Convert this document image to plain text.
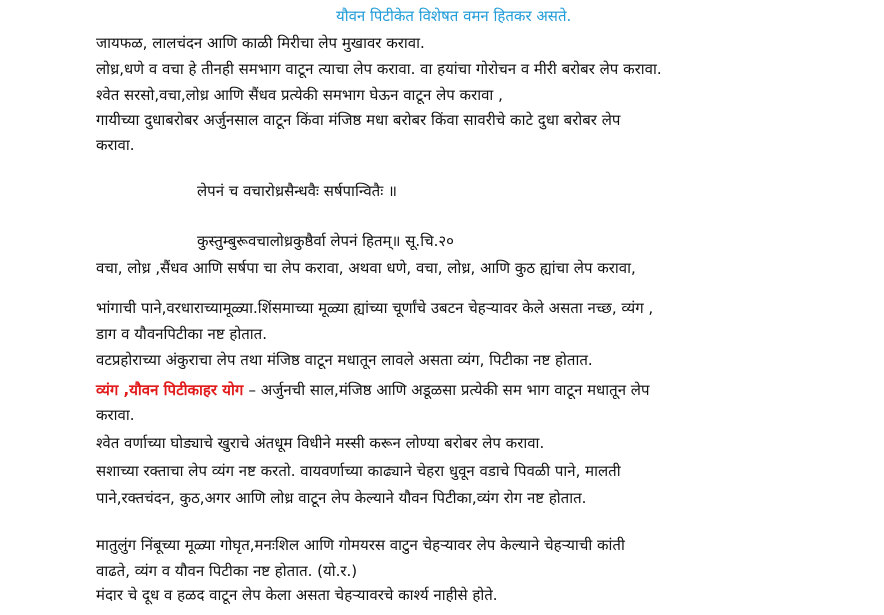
यौवन पिटीकेत विशेषत वमन हितकर असते.
जायफळ, लालचंदन आणि काळी मिरीचा लेप मुखावर करावा.
लोध्र,धणे व वचा हे तीनही समभाग वाटून त्याचा लेप करावा. वा हयांचा गोरोचन व मीरी बरोबर लेप करावा.
श्वेत सरसो,वचा,लोध्र आणि सैंधव प्रत्येकी समभाग घेऊन वाटून लेप करावा ,
गायीच्या दुधाबरोबर अर्जुनसाल वाटून किंवा मंजिष्ठ मधा बरोबर किंवा सावरीचे काटे दुधा बरोबर लेप
करावा.
लेपनं च वचारोध्रसैन्धवैः सर्षपान्वितैः ॥
कुस्तुम्बुरूवचालोध्रकुष्ठैर्वा लेपनं हितम्॥ सू.चि.२०
वचा, लोध्र ,सैंधव आणि सर्षपा चा लेप करावा, अथवा धणे, वचा, लोध्र, आणि कुठ ह्यांचा लेप करावा,
भांगाची पाने,वरधाराच्यामूळ्या.शिंसमाच्या मूळ्या ह्यांच्या चूर्णांचे उबटन चेहऱ्यावर केले असता नच्छ, व्यंग ,
डाग व यौवनपिटीका नष्ट होतात.
वटप्रहोराच्या अंकुराचा लेप तथा मंजिष्ठ वाटून मधातून लावले असता व्यंग, पिटीका नष्ट होतात.
व्यंग ,यौवन पिटीकाहर योग – अर्जुनची साल,मंजिष्ठ आणि अडूळसा प्रत्येकी सम भाग वाटून मधातून लेप
करावा.
श्वेत वर्णाच्या घोड्याचे खुराचे अंतधूम विधीने मस्सी करून लोण्या बरोबर लेप करावा.
सशाच्या रक्ताचा लेप व्यंग नष्ट करतो. वायवर्णाच्या काढ्याने चेहरा धुवून वडाचे पिवळी पाने, मालती
पाने,रक्तचंदन, कुठ,अगर आणि लोध्र वाटून लेप केल्याने यौवन पिटीका,व्यंग रोग नष्ट होतात.
मातुलुंग निंबूच्या मूळ्या गोघृत,मनःशिल आणि गोमयरस वाटुन चेहऱ्यावर लेप केल्याने चेहऱ्याची कांती
वाढते, व्यंग व यौवन पिटीका नष्ट होतात. (यो.र.)
मंदार चे दूध व हळद वाटून लेप केला असता चेहऱ्यावरचे कार्श्य नाहीसे होते.
